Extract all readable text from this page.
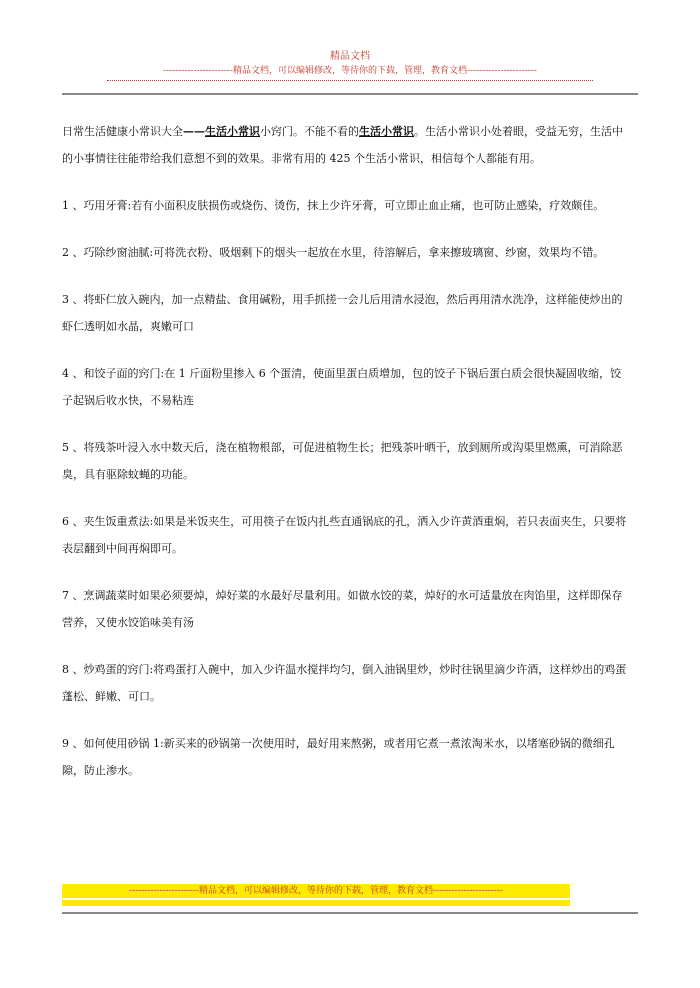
精品文档
-----------------------精品文档，可以编辑修改，等待你的下载，管理，教育文档-----------------------

日常生活健康小常识大全——生活小常识小窍门。不能不看的生活小常识。生活小常识小处着眼，受益无穷，生活中的小事情往往能带给我们意想不到的效果。非常有用的 425 个生活小常识，相信每个人都能有用。

1 、巧用牙膏:若有小面积皮肤损伤或烧伤、烫伤，抹上少许牙膏，可立即止血止痛，也可防止感染，疗效颇佳。

2 、巧除纱窗油腻:可将洗衣粉、吸烟剩下的烟头一起放在水里，待溶解后，拿来擦玻璃窗、纱窗，效果均不错。

3 、将虾仁放入碗内，加一点精盐、食用碱粉，用手抓搓一会儿后用清水浸泡，然后再用清水洗净，这样能使炒出的虾仁透明如水晶，爽嫩可口

4 、和饺子面的窍门:在 1 斤面粉里掺入 6 个蛋清，使面里蛋白质增加，包的饺子下锅后蛋白质会很快凝固收缩，饺子起锅后收水快，不易粘连

5 、将残茶叶浸入水中数天后，浇在植物根部，可促进植物生长；把残茶叶晒干，放到厕所或沟渠里燃熏，可消除恶臭，具有驱除蚊蝇的功能。

6 、夹生饭重煮法:如果是米饭夹生，可用筷子在饭内扎些直通锅底的孔，洒入少许黄酒重焖，若只表面夹生，只要将表层翻到中间再焖即可。

7 、烹调蔬菜时如果必须要焯，焯好菜的水最好尽量利用。如做水饺的菜，焯好的水可适量放在肉馅里，这样即保存营养，又使水饺馅味美有汤

8 、炒鸡蛋的窍门:将鸡蛋打入碗中，加入少许温水搅拌均匀，倒入油锅里炒，炒时往锅里滴少许酒，这样炒出的鸡蛋蓬松、鲜嫩、可口。

9 、如何使用砂锅 1:新买来的砂锅第一次使用时，最好用来熬粥，或者用它煮一煮浓淘米水，以堵塞砂锅的微细孔隙，防止渗水。

-----------------------精品文档，可以编辑修改，等待你的下载，管理，教育文档-----------------------
